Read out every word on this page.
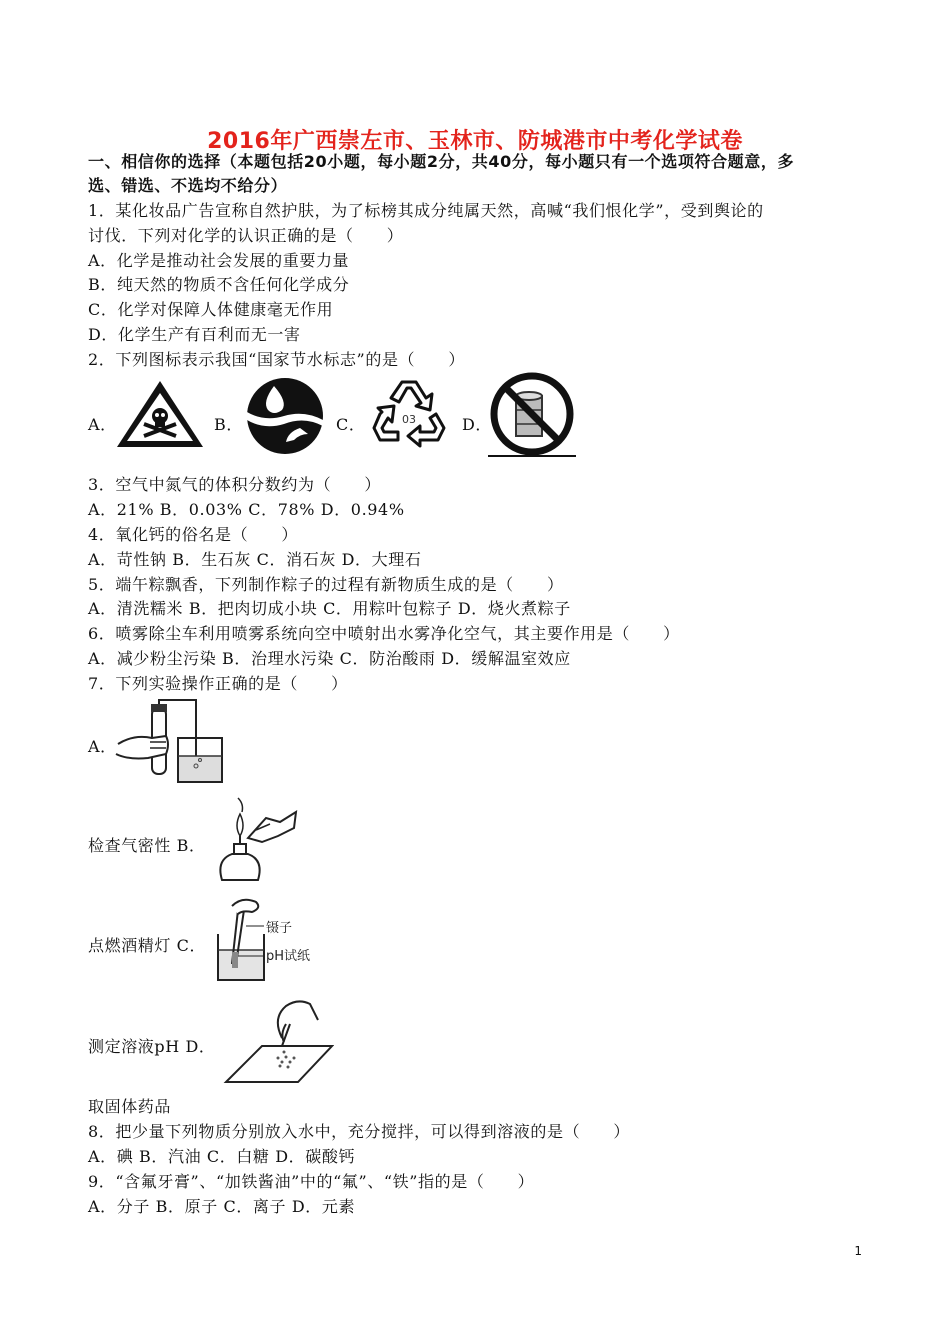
2016年广西崇左市、玉林市、防城港市中考化学试卷
一、相信你的选择（本题包括20小题，每小题2分，共40分，每小题只有一个选项符合题意，多
选、错选、不选均不给分）
1．某化妆品广告宣称自然护肤，为了标榜其成分纯属天然，高喊“我们恨化学”，受到舆论的
讨伐．下列对化学的认识正确的是（　　）
A．化学是推动社会发展的重要力量
B．纯天然的物质不含任何化学成分
C．化学对保障人体健康毫无作用
D．化学生产有百利而无一害
2．下列图标表示我国“国家节水标志”的是（　　）
A．	B．	C．	03	D．
3．空气中氮气的体积分数约为（　　）
A．21% B．0.03% C．78% D．0.94%
4．氧化钙的俗名是（　　）
A．苛性钠 B．生石灰 C．消石灰 D．大理石
5．端午粽飘香，下列制作粽子的过程有新物质生成的是（　　）
A．清洗糯米 B．把肉切成小块 C．用粽叶包粽子 D．烧火煮粽子
6．喷雾除尘车利用喷雾系统向空中喷射出水雾净化空气，其主要作用是（　　）
A．减少粉尘污染 B．治理水污染 C．防治酸雨 D．缓解温室效应
7．下列实验操作正确的是（　　）
A．
检查气密性 B．
点燃酒精灯 C．
镊子
pH试纸
测定溶液pH D．
取固体药品
8．把少量下列物质分别放入水中，充分搅拌，可以得到溶液的是（　　）
A．碘 B．汽油 C．白糖 D．碳酸钙
9．“含氟牙膏”、“加铁酱油”中的“氟”、“铁”指的是（　　）
A．分子 B．原子 C．离子 D．元素
1
